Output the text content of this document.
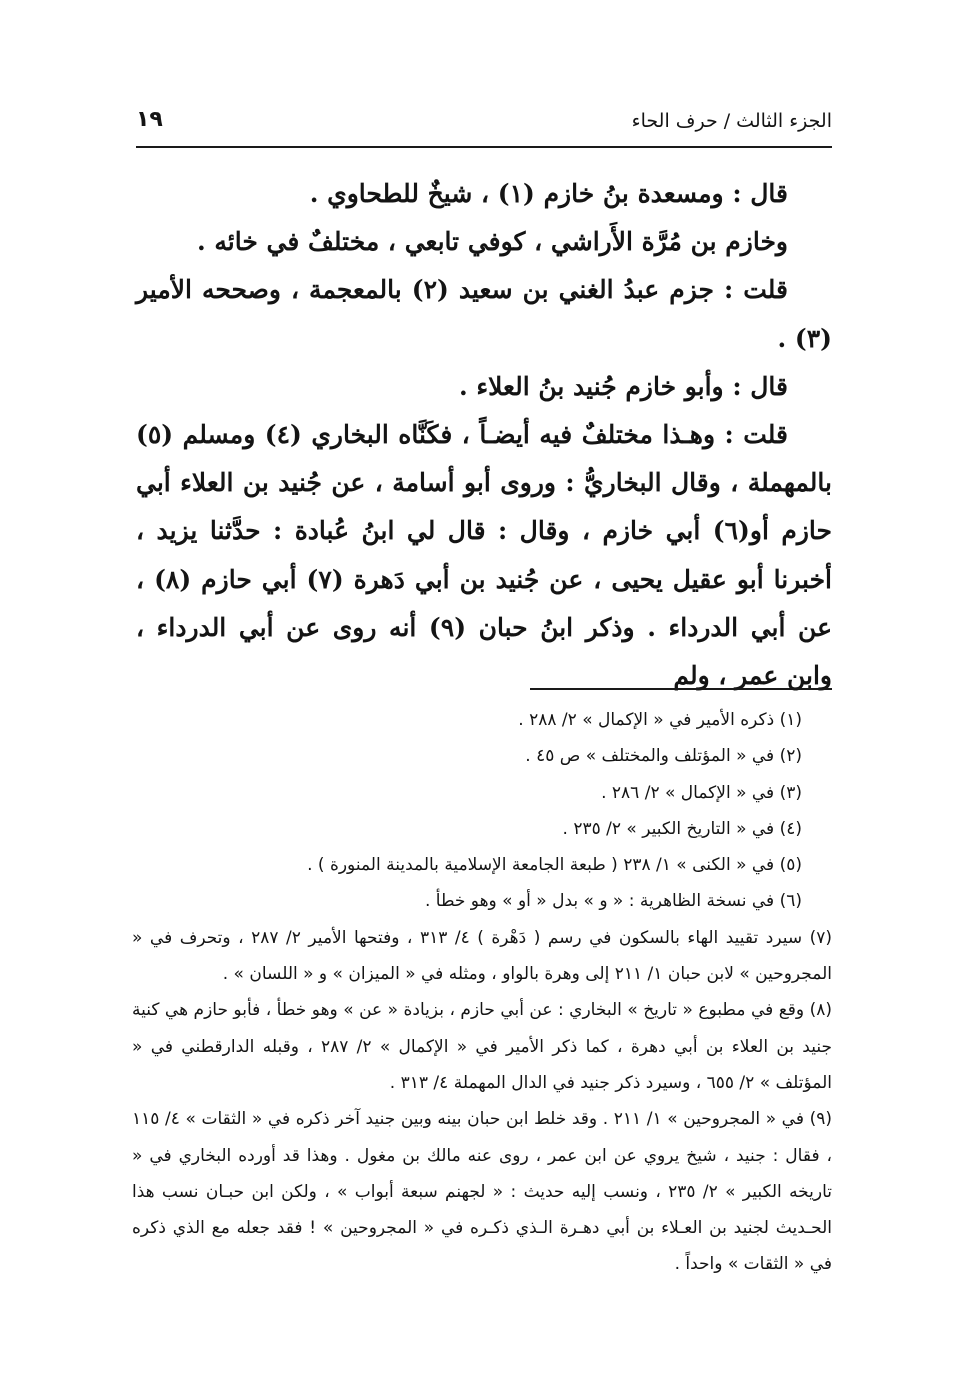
الجزء الثالث / حرف الحاء
١٩

قال : ومسعدة بنُ خازم (١) ، شيخٌ للطحاوي .

وخازم بن مُرَّة الأَراشي ، كوفي تابعي ، مختلفٌ في خائه .

قلت : جزم عبدُ الغني بن سعيد (٢) بالمعجمة ، وصححه الأمير (٣) .

قال : وأبو خازم جُنيد بنُ العلاء .

قلت : وهـذا مختلفٌ فيه أيضـاً ، فكَنَّاه البخاري (٤) ومسلم (٥) بالمهملة ، وقال البخاريُّ : وروى أبو أسامة ، عن جُنيد بن العلاء أبي حازم أو(٦) أبي خازم ، وقال : قال لي ابنُ عُبادة : حدَّثنا يزيد ، أخبرنا أبو عقيل يحيى ، عن جُنيد بن أبي دَهرة (٧) أبي حازم (٨) ، عن أبي الدرداء . وذكر ابنُ حبان (٩) أنه روى عن أبي الدرداء ، وابن عمر ، ولم

(١) ذكره الأمير في « الإكمال » ٢/ ٢٨٨ .

(٢) في « المؤتلف والمختلف » ص ٤٥ .

(٣) في « الإكمال » ٢/ ٢٨٦ .

(٤) في « التاريخ الكبير » ٢/ ٢٣٥ .

(٥) في « الكنى » ١/ ٢٣٨ ( طبعة الجامعة الإسلامية بالمدينة المنورة ) .

(٦) في نسخة الظاهرية : « و » بدل « أو » وهو خطأ .

(٧) سيرد تقييد الهاء بالسكون في رسم ( دَهْرة ) ٤/ ٣١٣ ، وفتحها الأمير ٢/ ٢٨٧ ، وتحرف في « المجروحين » لابن حبان ١/ ٢١١ إلى وهرة بالواو ، ومثله في « الميزان » و « اللسان » .

(٨) وقع في مطبوع « تاريخ » البخاري : عن أبي حازم ، بزيادة « عن » وهو خطأ ، فأبو حازم هي كنية جنيد بن العلاء بن أبي دهرة ، كما ذكر الأمير في « الإكمال » ٢/ ٢٨٧ ، وقبله الدارقطني في « المؤتلف » ٢/ ٦٥٥ ، وسيرد ذكر جنيد في الدال المهملة ٤/ ٣١٣ .

(٩) في « المجروحين » ١/ ٢١١ . وقد خلط ابن حبان بينه وبين جنيد آخر ذكره في « الثقات » ٤/ ١١٥ ، فقال : جنيد ، شيخ يروي عن ابن عمر ، روى عنه مالك بن مغول . وهذا قد أورده البخاري في « تاريخه الكبير » ٢/ ٢٣٥ ، ونسب إليه حديث : « لجهنم سبعة أبواب » ، ولكن ابن حبـان نسب هذا الحـديث لجنيد بن العـلاء بن أبي دهـرة الـذي ذكـره في « المجروحين » ! فقد جعله مع الذي ذكره في « الثقات » واحداً .
